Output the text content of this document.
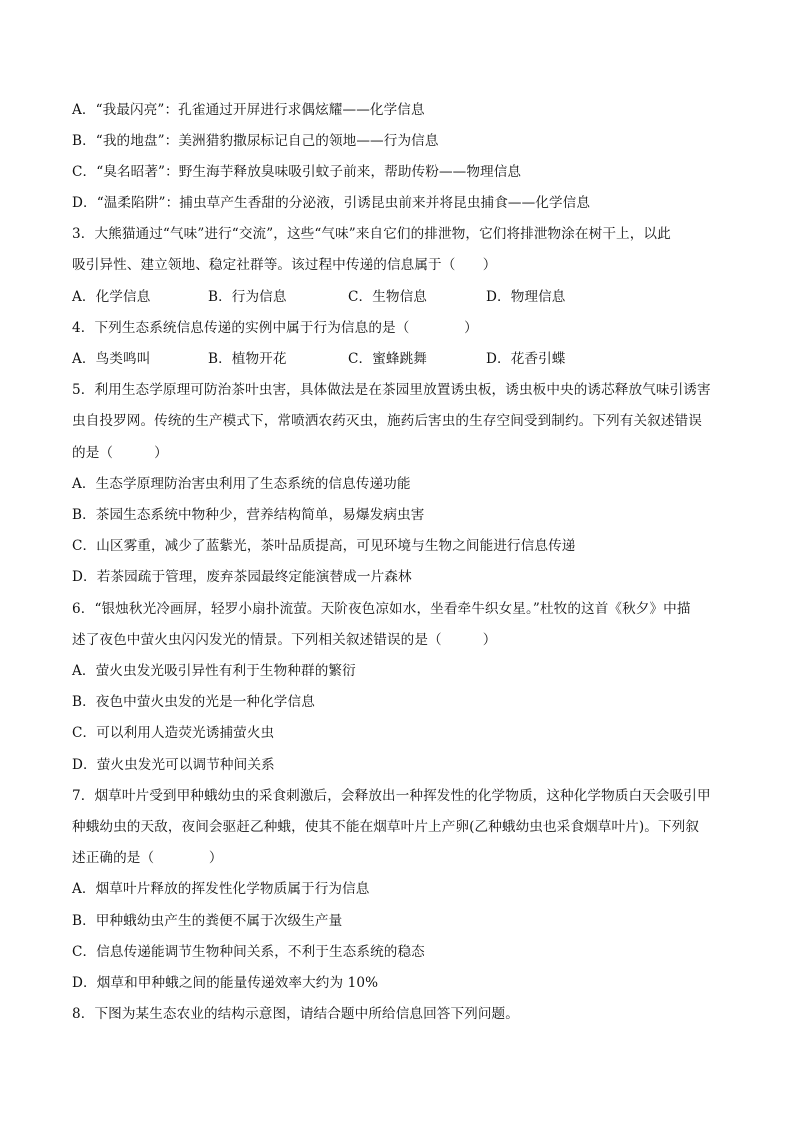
A．“我最闪亮”：孔雀通过开屏进行求偶炫耀——化学信息
B．“我的地盘”：美洲猎豹撒尿标记自己的领地——行为信息
C．“臭名昭著”：野生海芋释放臭味吸引蚊子前来，帮助传粉——物理信息
D．“温柔陷阱”：捕虫草产生香甜的分泌液，引诱昆虫前来并将昆虫捕食——化学信息
3．大熊猫通过“气味”进行“交流”，这些“气味”来自它们的排泄物，它们将排泄物涂在树干上，以此
吸引异性、建立领地、稳定社群等。该过程中传递的信息属于（　　）
A．化学信息	B．行为信息	C．生物信息	D．物理信息
4．下列生态系统信息传递的实例中属于行为信息的是（　　　　）
A．鸟类鸣叫	B．植物开花	C．蜜蜂跳舞	D．花香引蝶
5．利用生态学原理可防治茶叶虫害，具体做法是在茶园里放置诱虫板，诱虫板中央的诱芯释放气味引诱害
虫自投罗网。传统的生产模式下，常喷洒农药灭虫，施药后害虫的生存空间受到制约。下列有关叙述错误
的是（　　　）
A．生态学原理防治害虫利用了生态系统的信息传递功能
B．茶园生态系统中物种少，营养结构简单，易爆发病虫害
C．山区雾重，减少了蓝紫光，茶叶品质提高，可见环境与生物之间能进行信息传递
D．若茶园疏于管理，废弃茶园最终定能演替成一片森林
6．“银烛秋光冷画屏，轻罗小扇扑流萤。天阶夜色凉如水，坐看牵牛织女星。”杜牧的这首《秋夕》中描
述了夜色中萤火虫闪闪发光的情景。下列相关叙述错误的是（　　　）
A．萤火虫发光吸引异性有利于生物种群的繁衍
B．夜色中萤火虫发的光是一种化学信息
C．可以利用人造荧光诱捕萤火虫
D．萤火虫发光可以调节种间关系
7．烟草叶片受到甲种蛾幼虫的采食刺激后，会释放出一种挥发性的化学物质，这种化学物质白天会吸引甲
种蛾幼虫的天敌，夜间会驱赶乙种蛾，使其不能在烟草叶片上产卵(乙种蛾幼虫也采食烟草叶片)。下列叙
述正确的是（　　　　）
A．烟草叶片释放的挥发性化学物质属于行为信息
B．甲种蛾幼虫产生的粪便不属于次级生产量
C．信息传递能调节生物种间关系，不利于生态系统的稳态
D．烟草和甲种蛾之间的能量传递效率大约为 10%
8．下图为某生态农业的结构示意图，请结合题中所给信息回答下列问题。
